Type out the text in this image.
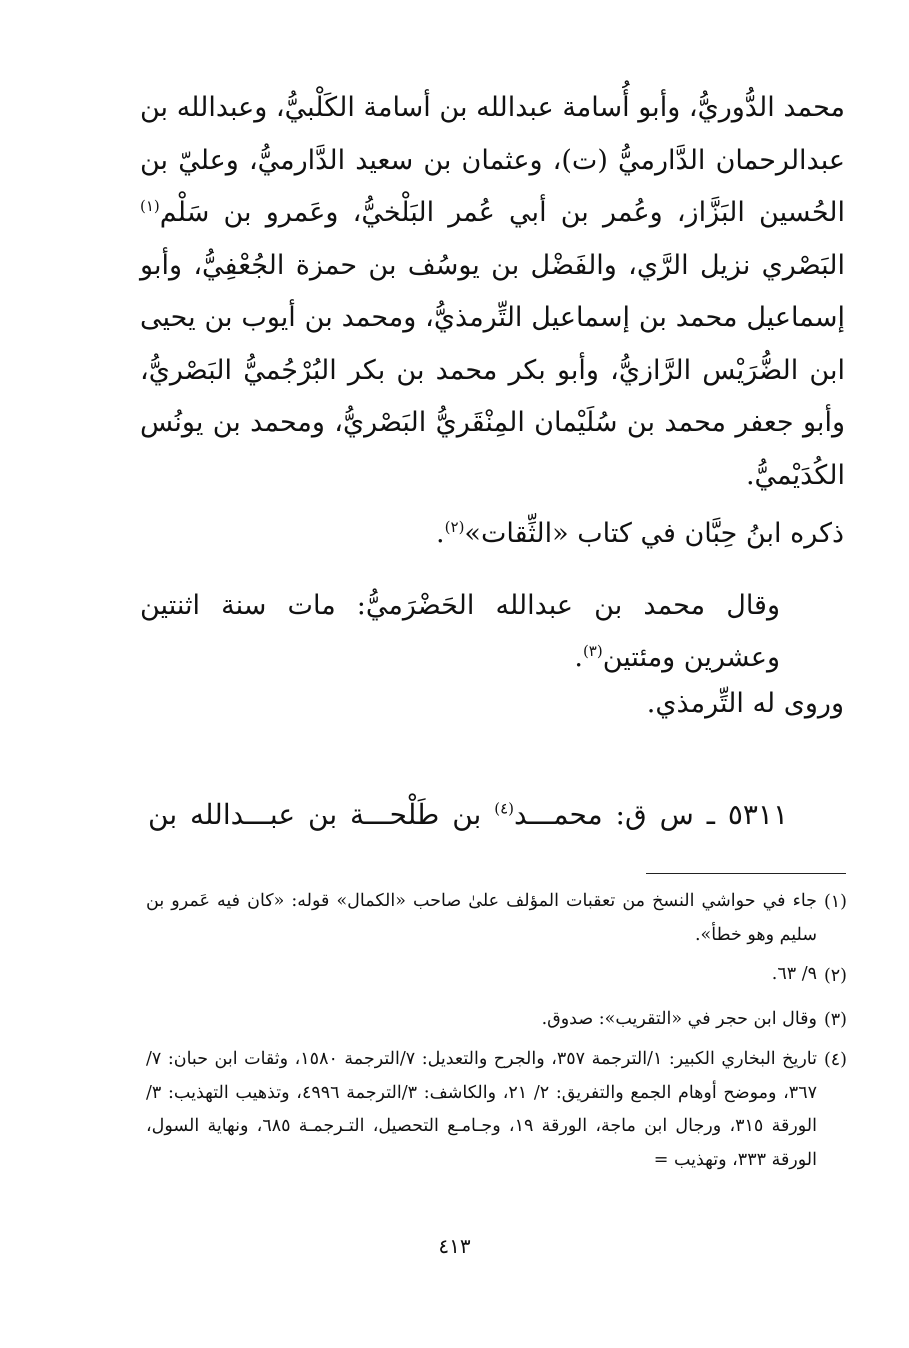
محمد الدُّوريُّ، وأبو أُسامة عبدالله بن أسامة الكَلْبيُّ، وعبدالله بن عبدالرحمان الدَّارميُّ (ت)، وعثمان بن سعيد الدَّارميُّ، وعليّ بن الحُسين البَزَّاز، وعُمر بن أبي عُمر البَلْخيُّ، وعَمرو بن سَلْم$^{(١)}$ البَصْري نزيل الرَّي، والفَضْل بن يوسُف بن حمزة الجُعْفِيُّ، وأبو إسماعيل محمد بن إسماعيل التِّرمذيُّ، ومحمد بن أيوب بن يحيى ابن الضُّرَيْس الرَّازيُّ، وأبو بكر محمد بن بكر البُرْجُميُّ البَصْريُّ، وأبو جعفر محمد بن سُلَيْمان المِنْقَريُّ البَصْريُّ، ومحمد بن يونُس الكُدَيْميُّ.

ذكره ابنُ حِبَّان في كتاب «الثِّقات»$^{(٢)}$.

وقال محمد بن عبدالله الحَضْرَميُّ: مات سنة اثنتين وعشرين ومئتين$^{(٣)}$.

وروى له التِّرمذي.

٥٣١١ ـ س ق: محمـــد$^{(٤)}$ بن طَلْحـــة بن عبـــدالله بن

(١)

جاء في حواشي النسخ من تعقبات المؤلف علىٰ صاحب «الكمال» قوله: «كان فيه عَمرو بن سليم وهو خطأ».

(٢)

٩/ ٦٣.

(٣)

وقال ابن حجر في «التقريب»: صدوق.

(٤)

تاريخ البخاري الكبير: ١/الترجمة ٣٥٧، والجرح والتعديل: ٧/الترجمة ١٥٨٠، وثقات ابن حبان: ٧/ ٣٦٧، وموضح أوهام الجمع والتفريق: ٢/ ٢١، والكاشف: ٣/الترجمة ٤٩٩٦، وتذهيب التهذيب: ٣/الورقة ٣١٥، ورجال ابن ماجة، الورقة ١٩، وجـامـع التحصيل، التـرجمـة ٦٨٥، ونهاية السول، الورقة ٣٣٣، وتهذيب =

٤١٣
